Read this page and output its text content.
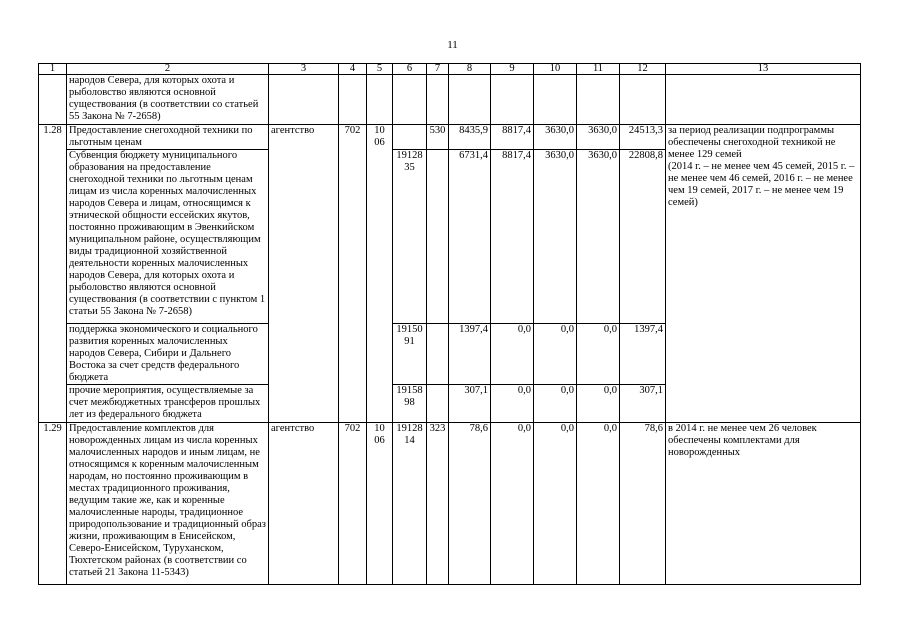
11
1	2	3	4	5	6	7	8	9	10	11	12	13
	народов Севера, для которых охота и рыболовство являются основной существования (в соответствии со статьей 55 Закона № 7-2658)											
1.28	Предоставление снегоходной техники по льготным ценам	агентство	702	10 06		530	8435,9	8817,4	3630,0	3630,0	24513,3	за период реализации подпрограммы обеспечены снегоходной техникой не менее 129 семей
(2014 г. – не менее чем 45 семей, 2015 г. – не менее чем 46 семей, 2016 г. – не менее чем 19 семей, 2017 г. – не менее чем 19 семей)

	Субвенция бюджету муниципального образования на предоставление снегоходной техники по льготным ценам лицам из числа коренных малочисленных народов Севера и лицам, относящимся к этнической общности ессейских якутов, постоянно проживающим в Эвенкийском муниципальном районе, осуществляющим виды традиционной хозяйственной деятельности коренных малочисленных народов Севера, для которых охота и рыболовство являются основной существования (в соответствии с пунктом 1 статьи 55 Закона № 7-2658)				1912835		6731,4	8817,4	3630,0	3630,0	22808,8	
	поддержка экономического и социального развития коренных малочисленных народов Севера, Сибири и Дальнего Востока за счет средств федерального бюджета				1915091		1397,4	0,0	0,0	0,0	1397,4	
	прочие мероприятия, осуществляемые за счет межбюджетных трансферов прошлых лет из федерального бюджета				1915898		307,1	0,0	0,0	0,0	307,1	
1.29	Предоставление комплектов для новорожденных лицам из числа коренных малочисленных народов и иным лицам, не относящимся к коренным малочисленным народам, но постоянно проживающим в местах традиционного проживания, ведущим такие же, как и коренные малочисленные народы, традиционное природопользование и традиционный образ жизни, проживающим в Енисейском, Северо-Енисейском, Туруханском, Тюхтетском районах (в соответствии со статьей 21 Закона 11-5343)	агентство	702	10 06	1912814	323	78,6	0,0	0,0	0,0	78,6	в 2014 г. не менее чем 26 человек обеспечены комплектами для новорожденных
